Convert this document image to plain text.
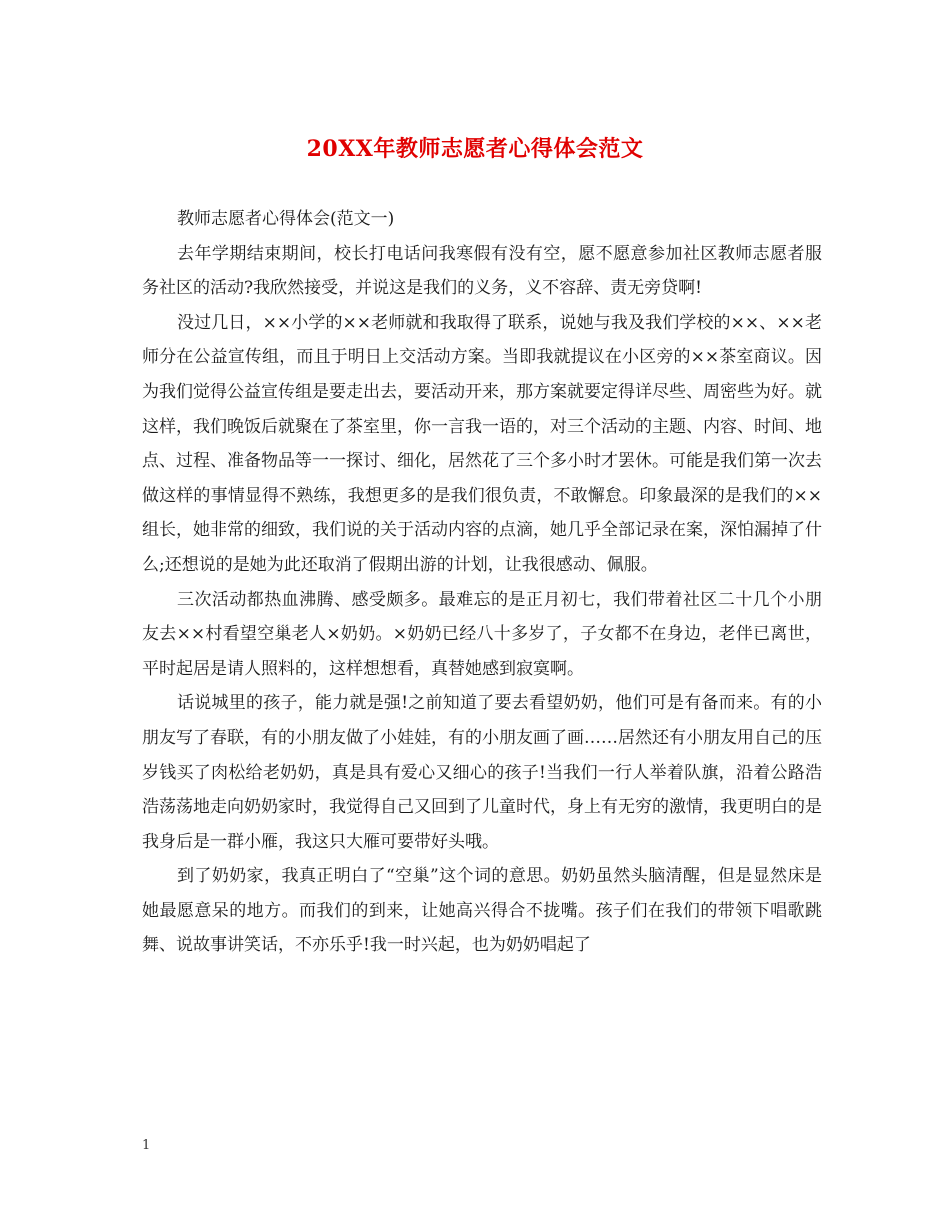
20XX年教师志愿者心得体会范文

教师志愿者心得体会(范文一)

去年学期结束期间，校长打电话问我寒假有没有空，愿不愿意参加社区教师志愿者服务社区的活动?我欣然接受，并说这是我们的义务，义不容辞、责无旁贷啊!

没过几日，××小学的××老师就和我取得了联系，说她与我及我们学校的××、××老师分在公益宣传组，而且于明日上交活动方案。当即我就提议在小区旁的××茶室商议。因为我们觉得公益宣传组是要走出去，要活动开来，那方案就要定得详尽些、周密些为好。就这样，我们晚饭后就聚在了茶室里，你一言我一语的，对三个活动的主题、内容、时间、地点、过程、准备物品等一一探讨、细化，居然花了三个多小时才罢休。可能是我们第一次去做这样的事情显得不熟练，我想更多的是我们很负责，不敢懈怠。印象最深的是我们的××组长，她非常的细致，我们说的关于活动内容的点滴，她几乎全部记录在案，深怕漏掉了什么;还想说的是她为此还取消了假期出游的计划，让我很感动、佩服。

三次活动都热血沸腾、感受颇多。最难忘的是正月初七，我们带着社区二十几个小朋友去××村看望空巢老人×奶奶。×奶奶已经八十多岁了，子女都不在身边，老伴已离世，平时起居是请人照料的，这样想想看，真替她感到寂寞啊。

话说城里的孩子，能力就是强!之前知道了要去看望奶奶，他们可是有备而来。有的小朋友写了春联，有的小朋友做了小娃娃，有的小朋友画了画……居然还有小朋友用自己的压岁钱买了肉松给老奶奶，真是具有爱心又细心的孩子!当我们一行人举着队旗，沿着公路浩浩荡荡地走向奶奶家时，我觉得自己又回到了儿童时代，身上有无穷的激情，我更明白的是我身后是一群小雁，我这只大雁可要带好头哦。

到了奶奶家，我真正明白了“空巢”这个词的意思。奶奶虽然头脑清醒，但是显然床是她最愿意呆的地方。而我们的到来，让她高兴得合不拢嘴。孩子们在我们的带领下唱歌跳舞、说故事讲笑话，不亦乐乎!我一时兴起，也为奶奶唱起了

1
